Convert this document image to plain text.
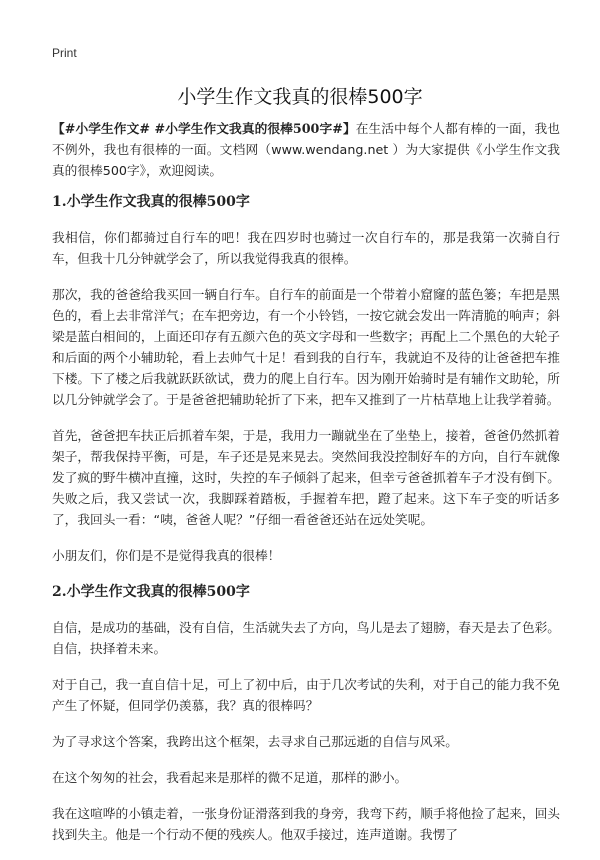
Print
小学生作文我真的很棒500字

【#小学生作文# #小学生作文我真的很棒500字#】在生活中每个人都有棒的一面，我也不例外，我也有很棒的一面。文档网（www.wendang.net ）为大家提供《小学生作文我真的很棒500字》，欢迎阅读。

1.小学生作文我真的很棒500字

我相信，你们都骑过自行车的吧！我在四岁时也骑过一次自行车的，那是我第一次骑自行车，但我十几分钟就学会了，所以我觉得我真的很棒。

那次，我的爸爸给我买回一辆自行车。自行车的前面是一个带着小窟窿的蓝色篓；车把是黑色的，看上去非常洋气；在车把旁边，有一个小铃铛，一按它就会发出一阵清脆的响声；斜梁是蓝白相间的，上面还印存有五颜六色的英文字母和一些数字；再配上二个黑色的大轮子和后面的两个小辅助轮，看上去帅气十足！看到我的自行车，我就迫不及待的让爸爸把车推下楼。下了楼之后我就跃跃欲试，费力的爬上自行车。因为刚开始骑时是有辅作文助轮，所以几分钟就学会了。于是爸爸把辅助轮折了下来，把车又推到了一片枯草地上让我学着骑。

首先，爸爸把车扶正后抓着车架，于是，我用力一蹦就坐在了坐垫上，接着，爸爸仍然抓着架子，帮我保持平衡，可是，车子还是晃来晃去。突然间我没控制好车的方向，自行车就像发了疯的野牛横冲直撞，这时，失控的车子倾斜了起来，但幸亏爸爸抓着车子才没有倒下。失败之后，我又尝试一次，我脚踩着踏板，手握着车把，蹬了起来。这下车子变的听话多了，我回头一看：“咦，爸爸人呢？”仔细一看爸爸还站在远处笑呢。

小朋友们，你们是不是觉得我真的很棒！

2.小学生作文我真的很棒500字

自信，是成功的基础，没有自信，生活就失去了方向，鸟儿是去了翅膀，春天是去了色彩。自信，抉择着未来。

对于自己，我一直自信十足，可上了初中后，由于几次考试的失利，对于自己的能力我不免产生了怀疑，但同学仍羡慕，我？真的很棒吗？

为了寻求这个答案，我跨出这个框架，去寻求自己那远逝的自信与风采。

在这个匆匆的社会，我看起来是那样的微不足道，那样的渺小。

我在这喧哗的小镇走着，一张身份证滑落到我的身旁，我弯下药，顺手将他捡了起来，回头找到失主。他是一个行动不便的残疾人。他双手接过，连声道谢。我愣了
